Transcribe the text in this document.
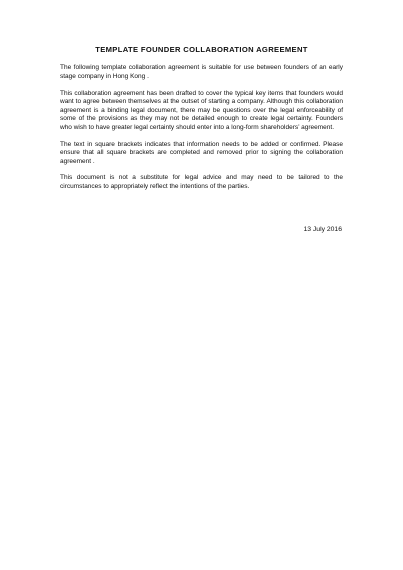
TEMPLATE FOUNDER COLLABORATION AGREEMENT

The following template collaboration agreement is suitable for use between founders of an early stage company in Hong Kong .

This collaboration agreement has been drafted to cover the typical key items that founders would want to agree between themselves at the outset of starting a company. Although this collaboration agreement is a binding legal document, there may be questions over the legal enforceability of some of the provisions as they may not be detailed enough to create legal certainty. Founders who wish to have greater legal certainty should enter into a long-form shareholders’ agreement.

The text in square brackets indicates that information needs to be added or confirmed. Please ensure that all square brackets are completed and removed prior to signing the collaboration agreement .

This document is not a substitute for legal advice and may need to be tailored to the circumstances to appropriately reflect the intentions of the parties.

13 July 2016
